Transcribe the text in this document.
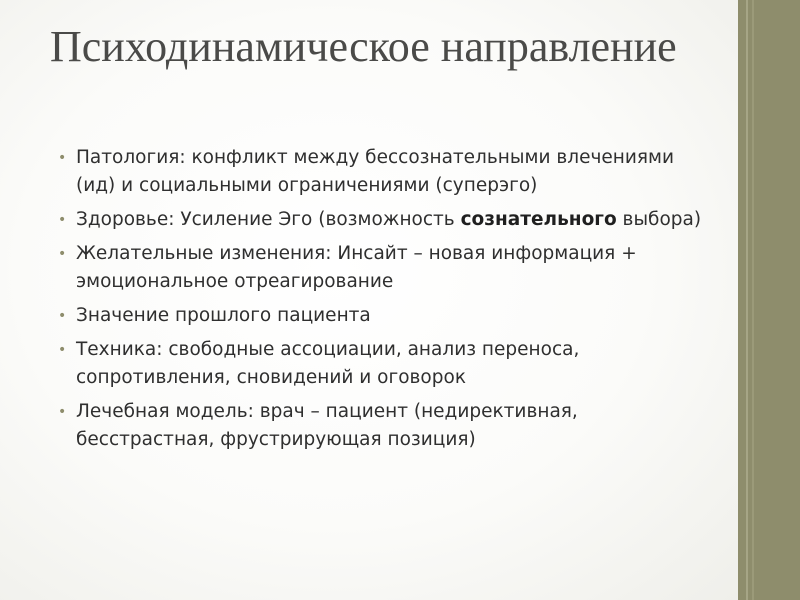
Психодинамическое направление
• Патология: конфликт между бессознательными влечениями (ид) и социальными ограничениями (суперэго)
• Здоровье: Усиление Эго (возможность сознательного выбора)
• Желательные изменения: Инсайт – новая информация + эмоциональное отреагирование
• Значение прошлого пациента
• Техника: свободные ассоциации, анализ переноса, сопротивления, сновидений и оговорок
• Лечебная модель: врач – пациент (недирективная, бесстрастная, фрустрирующая позиция)
